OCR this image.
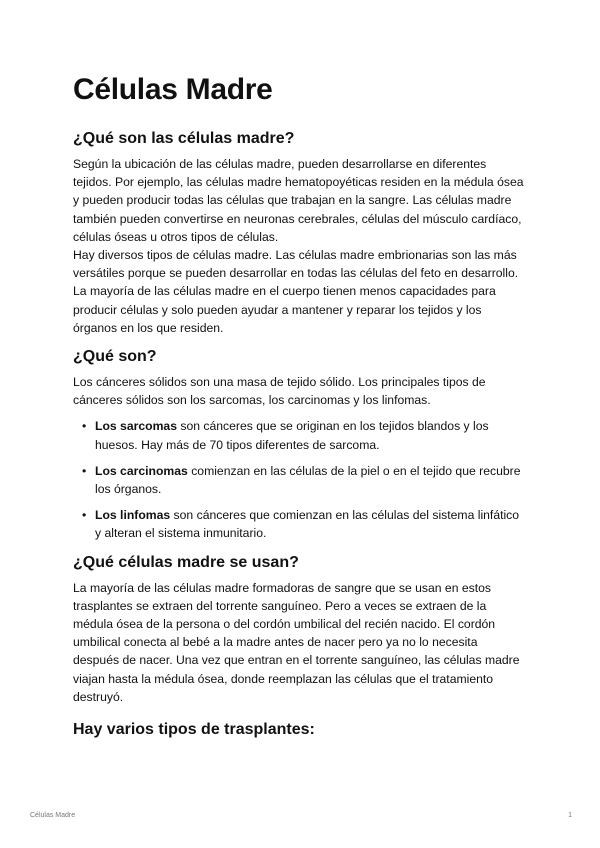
Células Madre
¿Qué son las células madre?

Según la ubicación de las células madre, pueden desarrollarse en diferentes tejidos. Por ejemplo, las células madre hematopoyéticas residen en la médula ósea y pueden producir todas las células que trabajan en la sangre. Las células madre también pueden convertirse en neuronas cerebrales, células del músculo cardíaco, células óseas u otros tipos de células.
Hay diversos tipos de células madre. Las células madre embrionarias son las más versátiles porque se pueden desarrollar en todas las células del feto en desarrollo. La mayoría de las células madre en el cuerpo tienen menos capacidades para producir células y solo pueden ayudar a mantener y reparar los tejidos y los órganos en los que residen.

¿Qué son?

Los cánceres sólidos son una masa de tejido sólido. Los principales tipos de cánceres sólidos son los sarcomas, los carcinomas y los linfomas.

• Los sarcomas son cánceres que se originan en los tejidos blandos y los huesos. Hay más de 70 tipos diferentes de sarcoma.
• Los carcinomas comienzan en las células de la piel o en el tejido que recubre los órganos.
• Los linfomas son cánceres que comienzan en las células del sistema linfático y alteran el sistema inmunitario.
¿Qué células madre se usan?

La mayoría de las células madre formadoras de sangre que se usan en estos trasplantes se extraen del torrente sanguíneo. Pero a veces se extraen de la médula ósea de la persona o del cordón umbilical del recién nacido. El cordón umbilical conecta al bebé a la madre antes de nacer pero ya no lo necesita después de nacer. Una vez que entran en el torrente sanguíneo, las células madre viajan hasta la médula ósea, donde reemplazan las células que el tratamiento destruyó.

Hay varios tipos de trasplantes:
Células Madre	1
